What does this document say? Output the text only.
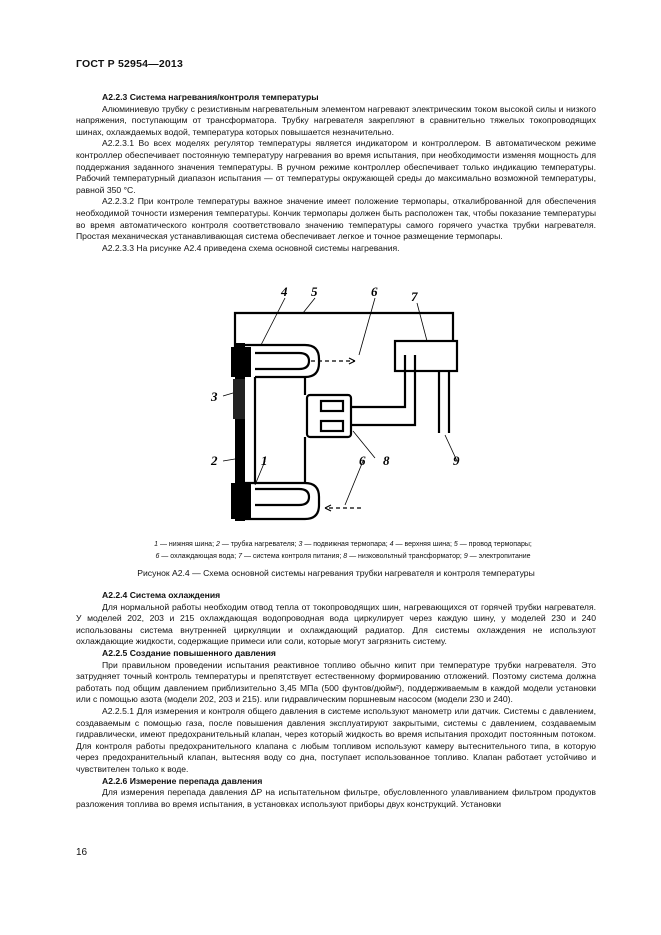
ГОСТ Р 52954—2013

А2.2.3 Система нагревания/контроля температуры

Алюминиевую трубку с резистивным нагревательным элементом нагревают электрическим током высокой силы и низкого напряжения, поступающим от трансформатора. Трубку нагревателя закрепляют в сравнительно тяжелых токопроводящих шинах, охлаждаемых водой, температура которых повышается незначительно.

А2.2.3.1 Во всех моделях регулятор температуры является индикатором и контроллером. В автоматическом режиме контроллер обеспечивает постоянную температуру нагревания во время испытания, при необходимости изменяя мощность для поддержания заданного значения температуры. В ручном режиме контроллер обеспечивает только индикацию температуры. Рабочий температурный диапазон испытания — от температуры окружающей среды до максимально возможной температуры, равной 350 °С.

А2.2.3.2 При контроле температуры важное значение имеет положение термопары, откалиброванной для обеспечения необходимой точности измерения температуры. Кончик термопары должен быть расположен так, чтобы показание температуры во время автоматического контроля соответствовало значению температуры самого горячего участка трубки нагревателя. Простая механическая устанавливающая система обеспечивает легкое и точное размещение термопары.

А2.2.3.3 На рисунке А2.4 приведена схема основной системы нагревания.

4 5	6	7
3
2	1	6 8	9
1 — нижняя шина; 2 — трубка нагревателя; 3 — подвижная термопара; 4 — верхняя шина; 5 — провод термопары;
6 — охлаждающая вода; 7 — система контроля питания; 8 — низковольтный трансформатор; 9 — электропитание
Рисунок А2.4 — Схема основной системы нагревания трубки нагревателя и контроля температуры

А2.2.4 Система охлаждения

Для нормальной работы необходим отвод тепла от токопроводящих шин, нагревающихся от горячей трубки нагревателя. У моделей 202, 203 и 215 охлаждающая водопроводная вода циркулирует через каждую шину, у моделей 230 и 240 использованы система внутренней циркуляции и охлаждающий радиатор. Для системы охлаждения не используют охлаждающие жидкости, содержащие примеси или соли, которые могут загрязнить систему.

А2.2.5 Создание повышенного давления

При правильном проведении испытания реактивное топливо обычно кипит при температуре трубки нагревателя. Это затрудняет точный контроль температуры и препятствует естественному формированию отложений. Поэтому система должна работать под общим давлением приблизительно 3,45 МПа (500 фунтов/дюйм²), поддерживаемым в каждой модели установки или с помощью азота (модели 202, 203 и 215). или гидравлическим поршневым насосом (модели 230 и 240).

А2.2.5.1 Для измерения и контроля общего давления в системе используют манометр или датчик. Системы с давлением, создаваемым с помощью газа, после повышения давления эксплуатируют закрытыми, системы с давлением, создаваемым гидравлически, имеют предохранительный клапан, через который жидкость во время испытания проходит постоянным потоком. Для контроля работы предохранительного клапана с любым топливом используют камеру вытеснительного типа, в которую через предохранительный клапан, вытесняя воду со дна, поступает использованное топливо. Клапан работает устойчиво и чувствителен только к воде.

А2.2.6 Измерение перепада давления

Для измерения перепада давления ΔP на испытательном фильтре, обусловленного улавливанием фильтром продуктов разложения топлива во время испытания, в установках используют приборы двух конструкций. Установки

16
